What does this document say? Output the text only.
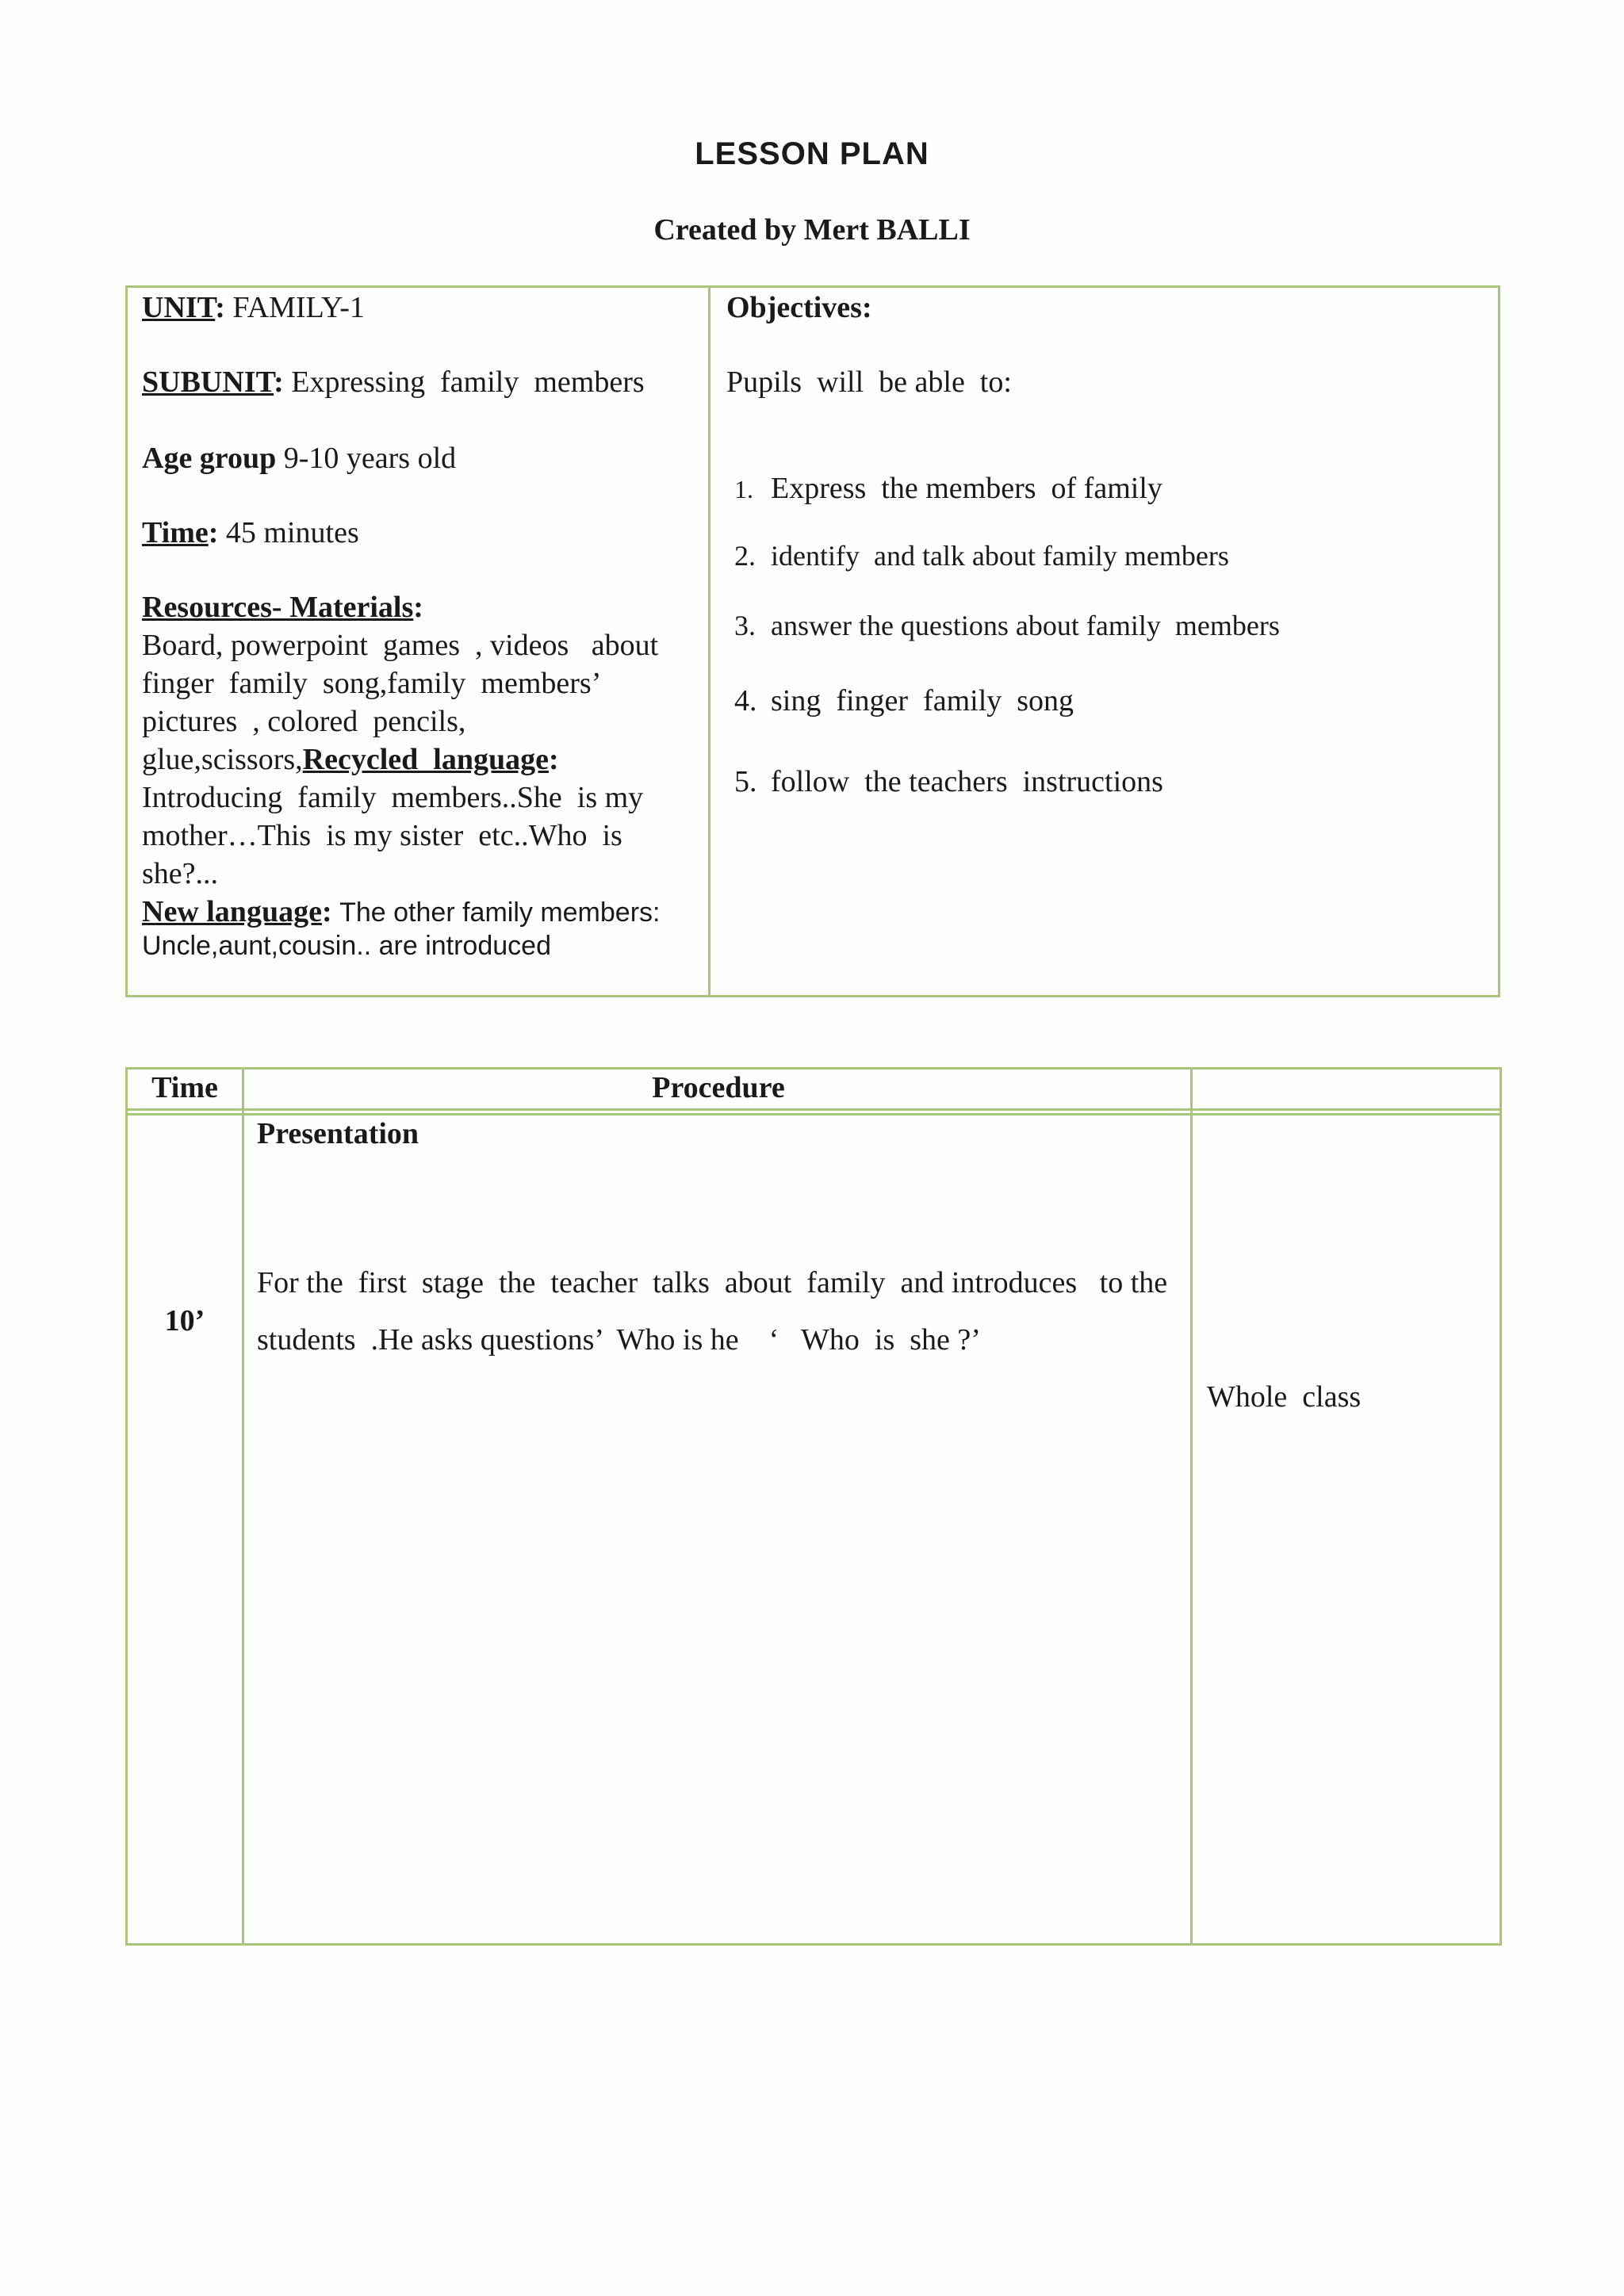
LESSON PLAN
Created by Mert BALLI
UNIT: FAMILY-1
SUBUNIT: Expressing  family  members
Age group 9-10 years old
Time: 45 minutes
Resources- Materials:
Board, powerpoint  games  , videos   about
finger  family  song,family  members’
pictures  , colored  pencils,
glue,scissors,Recycled  language:
Introducing  family  members..She  is my
mother…This  is my sister  etc..Who  is
she?...
New language: The other family members:
Uncle,aunt,cousin.. are introduced
Objectives:
Pupils  will  be able  to:
1. Express  the members  of family
2. identify  and talk about family members
3. answer the questions about family  members
4. sing  finger  family  song
5. follow  the teachers  instructions
Time	Procedure
10’
Presentation
For the  first  stage  the  teacher  talks  about  family  and introduces   to the
students  .He asks questions’  Who is he    ‘   Who  is  she ?’
Whole  class
